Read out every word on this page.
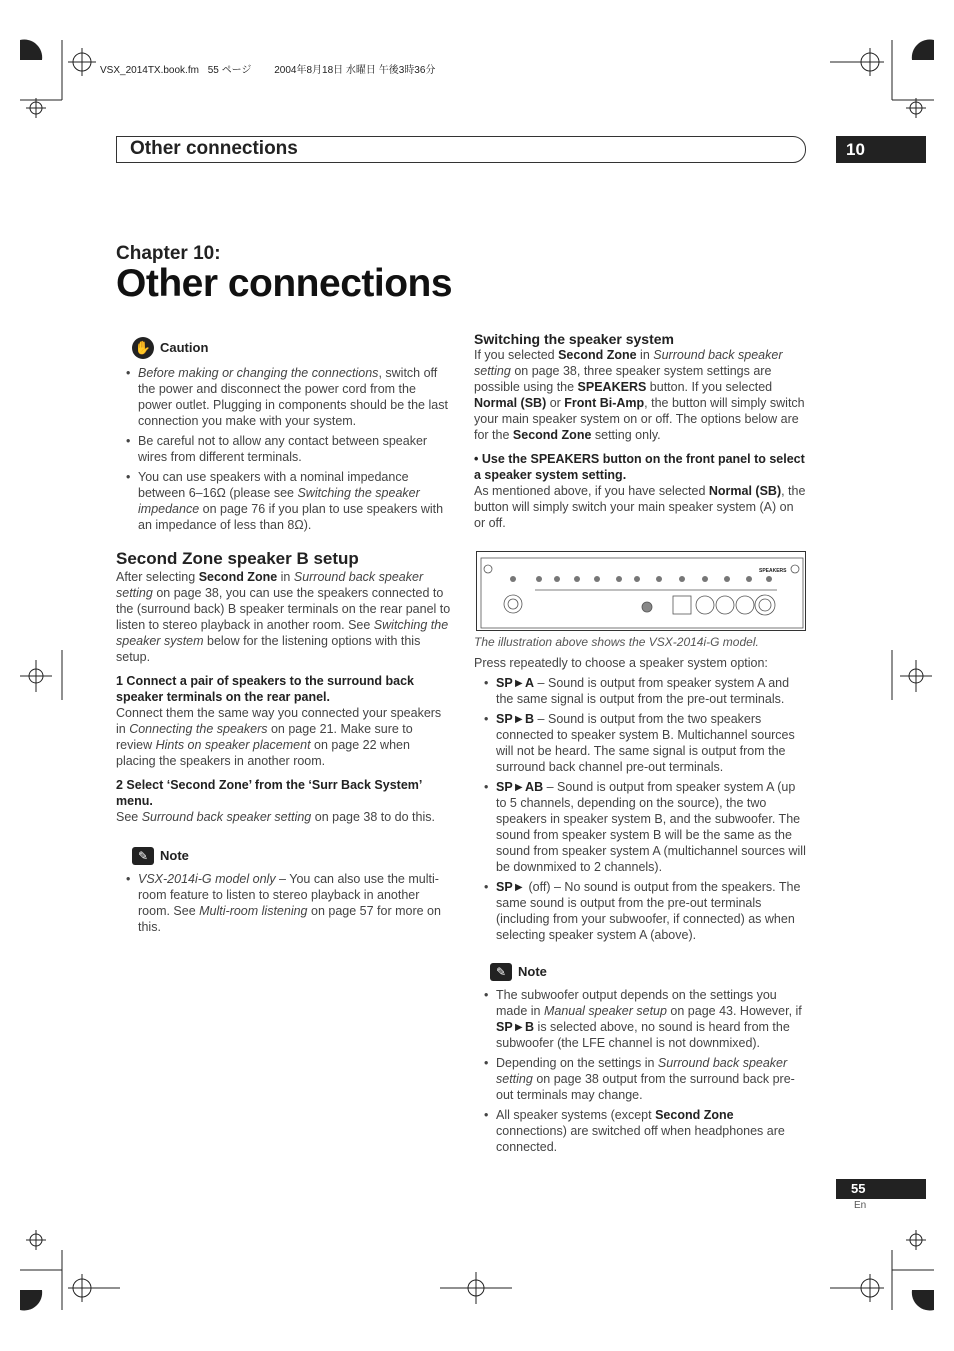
VSX_2014TX.book.fm 55 ページ 2004年8月18日 水曜日 午後3時36分
Other connections	10
Chapter 10:
Other connections
✋ Caution
• Before making or changing the connections, switch off the power and disconnect the power cord from the power outlet. Plugging in components should be the last connection you make with your system.
• Be careful not to allow any contact between speaker wires from different terminals.
• You can use speakers with a nominal impedance between 6–16Ω (please see Switching the speaker impedance on page 76 if you plan to use speakers with an impedance of less than 8Ω).
Second Zone speaker B setup

After selecting Second Zone in Surround back speaker setting on page 38, you can use the speakers connected to the (surround back) B speaker terminals on the rear panel to listen to stereo playback in another room. See Switching the speaker system below for the listening options with this setup.

1 Connect a pair of speakers to the surround back speaker terminals on the rear panel.

Connect them the same way you connected your speakers in Connecting the speakers on page 21. Make sure to review Hints on speaker placement on page 22 when placing the speakers in another room.

2 Select ‘Second Zone’ from the ‘Surr Back System’ menu.

See Surround back speaker setting on page 38 to do this.

✎ Note
• VSX-2014i-G model only – You can also use the multi-room feature to listen to stereo playback in another room. See Multi-room listening on page 57 for more on this.
Switching the speaker system

If you selected Second Zone in Surround back speaker setting on page 38, three speaker system settings are possible using the SPEAKERS button. If you selected Normal (SB) or Front Bi-Amp, the button will simply switch your main speaker system on or off. The options below are for the Second Zone setting only.

• Use the SPEAKERS button on the front panel to select a speaker system setting.

As mentioned above, if you have selected Normal (SB), the button will simply switch your main speaker system (A) on or off.

SPEAKERS
The illustration above shows the VSX-2014i-G model.

Press repeatedly to choose a speaker system option:

• SP►A – Sound is output from speaker system A and the same signal is output from the pre-out terminals.
• SP►B – Sound is output from the two speakers connected to speaker system B. Multichannel sources will not be heard. The same signal is output from the surround back channel pre-out terminals.
• SP►AB – Sound is output from speaker system A (up to 5 channels, depending on the source), the two speakers in speaker system B, and the subwoofer. The sound from speaker system B will be the same as the sound from speaker system A (multichannel sources will be downmixed to 2 channels).
• SP► (off) – No sound is output from the speakers. The same sound is output from the pre-out terminals (including from your subwoofer, if connected) as when selecting speaker system A (above).
✎ Note
• The subwoofer output depends on the settings you made in Manual speaker setup on page 43. However, if SP►B is selected above, no sound is heard from the subwoofer (the LFE channel is not downmixed).
• Depending on the settings in Surround back speaker setting on page 38 output from the surround back pre-out terminals may change.
• All speaker systems (except Second Zone connections) are switched off when headphones are connected.
55
En
